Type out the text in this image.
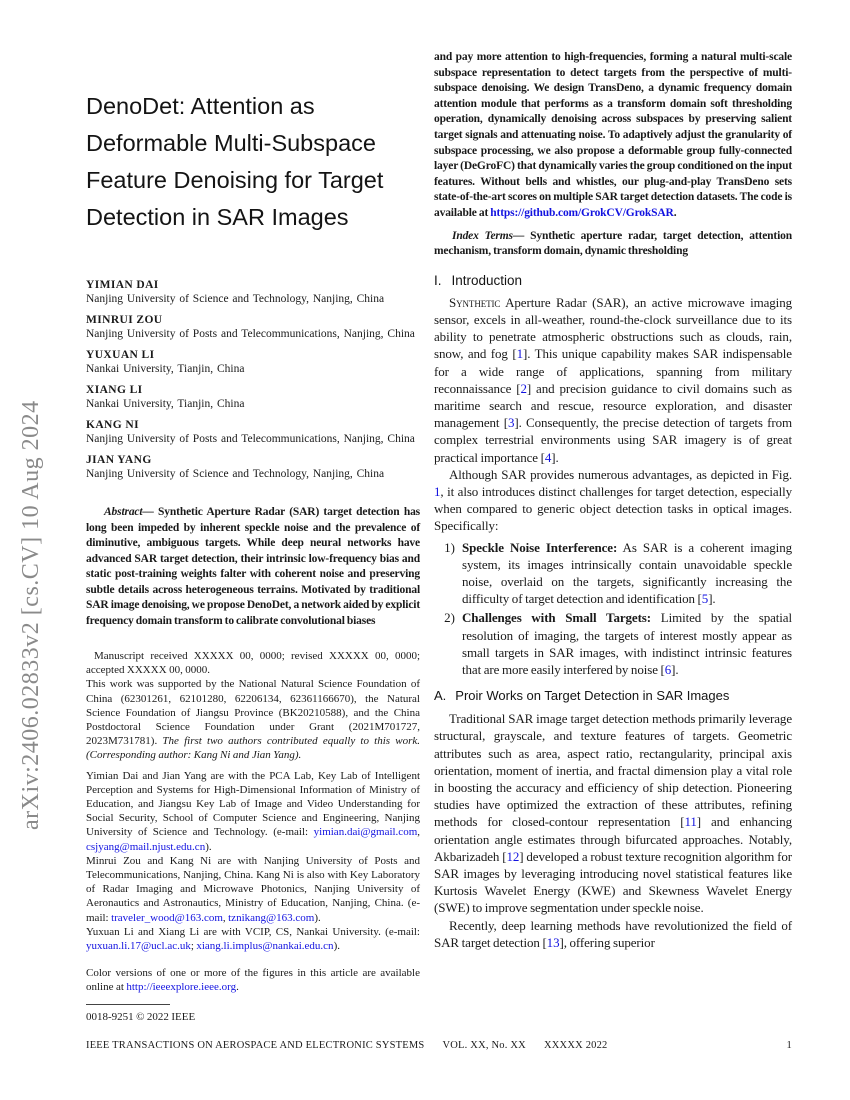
arXiv:2406.02833v2 [cs.CV] 10 Aug 2024
DenoDet: Attention as
Deformable Multi-Subspace
Feature Denoising for Target
Detection in SAR Images
YIMIAN DAI
Nanjing University of Science and Technology, Nanjing, China
MINRUI ZOU
Nanjing University of Posts and Telecommunications, Nanjing, China
YUXUAN LI
Nankai University, Tianjin, China
XIANG LI
Nankai University, Tianjin, China
KANG NI
Nanjing University of Posts and Telecommunications, Nanjing, China
JIAN YANG
Nanjing University of Science and Technology, Nanjing, China

Abstract— Synthetic Aperture Radar (SAR) target detection has long been impeded by inherent speckle noise and the prevalence of diminutive, ambiguous targets. While deep neural networks have advanced SAR target detection, their intrinsic low-frequency bias and static post-training weights falter with coherent noise and preserving subtle details across heterogeneous terrains. Motivated by traditional SAR image denoising, we propose DenoDet, a network aided by explicit frequency domain transform to calibrate convolutional biases

Manuscript received XXXXX 00, 0000; revised XXXXX 00, 0000; accepted XXXXX 00, 0000.

This work was supported by the National Natural Science Foundation of China (62301261, 62101280, 62206134, 62361166670), the Natural Science Foundation of Jiangsu Province (BK20210588), and the China Postdoctoral Science Foundation under Grant (2021M701727, 2023M731781). The first two authors contributed equally to this work. (Corresponding author: Kang Ni and Jian Yang).

Yimian Dai and Jian Yang are with the PCA Lab, Key Lab of Intelligent Perception and Systems for High-Dimensional Information of Ministry of Education, and Jiangsu Key Lab of Image and Video Understanding for Social Security, School of Computer Science and Engineering, Nanjing University of Science and Technology. (e-mail: yimian.dai@gmail.com, csjyang@mail.njust.edu.cn).

Minrui Zou and Kang Ni are with Nanjing University of Posts and Telecommunications, Nanjing, China. Kang Ni is also with Key Laboratory of Radar Imaging and Microwave Photonics, Nanjing University of Aeronautics and Astronautics, Ministry of Education, Nanjing, China. (e-mail: traveler_wood@163.com, tznikang@163.com).

Yuxuan Li and Xiang Li are with VCIP, CS, Nankai University. (e-mail: yuxuan.li.17@ucl.ac.uk; xiang.li.implus@nankai.edu.cn).

Color versions of one or more of the figures in this article are available online at http://ieeexplore.ieee.org.

0018-9251 © 2022 IEEE

and pay more attention to high-frequencies, forming a natural multi-scale subspace representation to detect targets from the perspective of multi-subspace denoising. We design TransDeno, a dynamic frequency domain attention module that performs as a transform domain soft thresholding operation, dynamically denoising across subspaces by preserving salient target signals and attenuating noise. To adaptively adjust the granularity of subspace processing, we also propose a deformable group fully-connected layer (DeGroFC) that dynamically varies the group conditioned on the input features. Without bells and whistles, our plug-and-play TransDeno sets state-of-the-art scores on multiple SAR target detection datasets. The code is available at https://github.com/GrokCV/GrokSAR.

Index Terms— Synthetic aperture radar, target detection, attention mechanism, transform domain, dynamic thresholding

I. Introduction

Synthetic Aperture Radar (SAR), an active microwave imaging sensor, excels in all-weather, round-the-clock surveillance due to its ability to penetrate atmospheric obstructions such as clouds, rain, snow, and fog [1]. This unique capability makes SAR indispensable for a wide range of applications, spanning from military reconnaissance [2] and precision guidance to civil domains such as maritime search and rescue, resource exploration, and disaster management [3]. Consequently, the precise detection of targets from complex terrestrial environments using SAR imagery is of great practical importance [4].

Although SAR provides numerous advantages, as depicted in Fig. 1, it also introduces distinct challenges for target detection, especially when compared to generic object detection tasks in optical images. Specifically:

1) Speckle Noise Interference: As SAR is a coherent imaging system, its images intrinsically contain unavoidable speckle noise, overlaid on the targets, significantly increasing the difficulty of target detection and identification [5].
2) Challenges with Small Targets: Limited by the spatial resolution of imaging, the targets of interest mostly appear as small targets in SAR images, with indistinct intrinsic features that are more easily interfered by noise [6].
A. Proir Works on Target Detection in SAR Images

Traditional SAR image target detection methods primarily leverage structural, grayscale, and texture features of targets. Geometric attributes such as area, aspect ratio, rectangularity, principal axis orientation, moment of inertia, and fractal dimension play a vital role in boosting the accuracy and efficiency of ship detection. Pioneering studies have optimized the extraction of these attributes, refining methods for closed-contour representation [11] and enhancing orientation angle estimates through bifurcated approaches. Notably, Akbarizadeh [12] developed a robust texture recognition algorithm for SAR images by leveraging introducing novel statistical features like Kurtosis Wavelet Energy (KWE) and Skewness Wavelet Energy (SWE) to improve segmentation under speckle noise.

Recently, deep learning methods have revolutionized the field of SAR target detection [13], offering superior

IEEE TRANSACTIONS ON AEROSPACE AND ELECTRONIC SYSTEMS VOL. XX, No. XX XXXXX 2022	1
